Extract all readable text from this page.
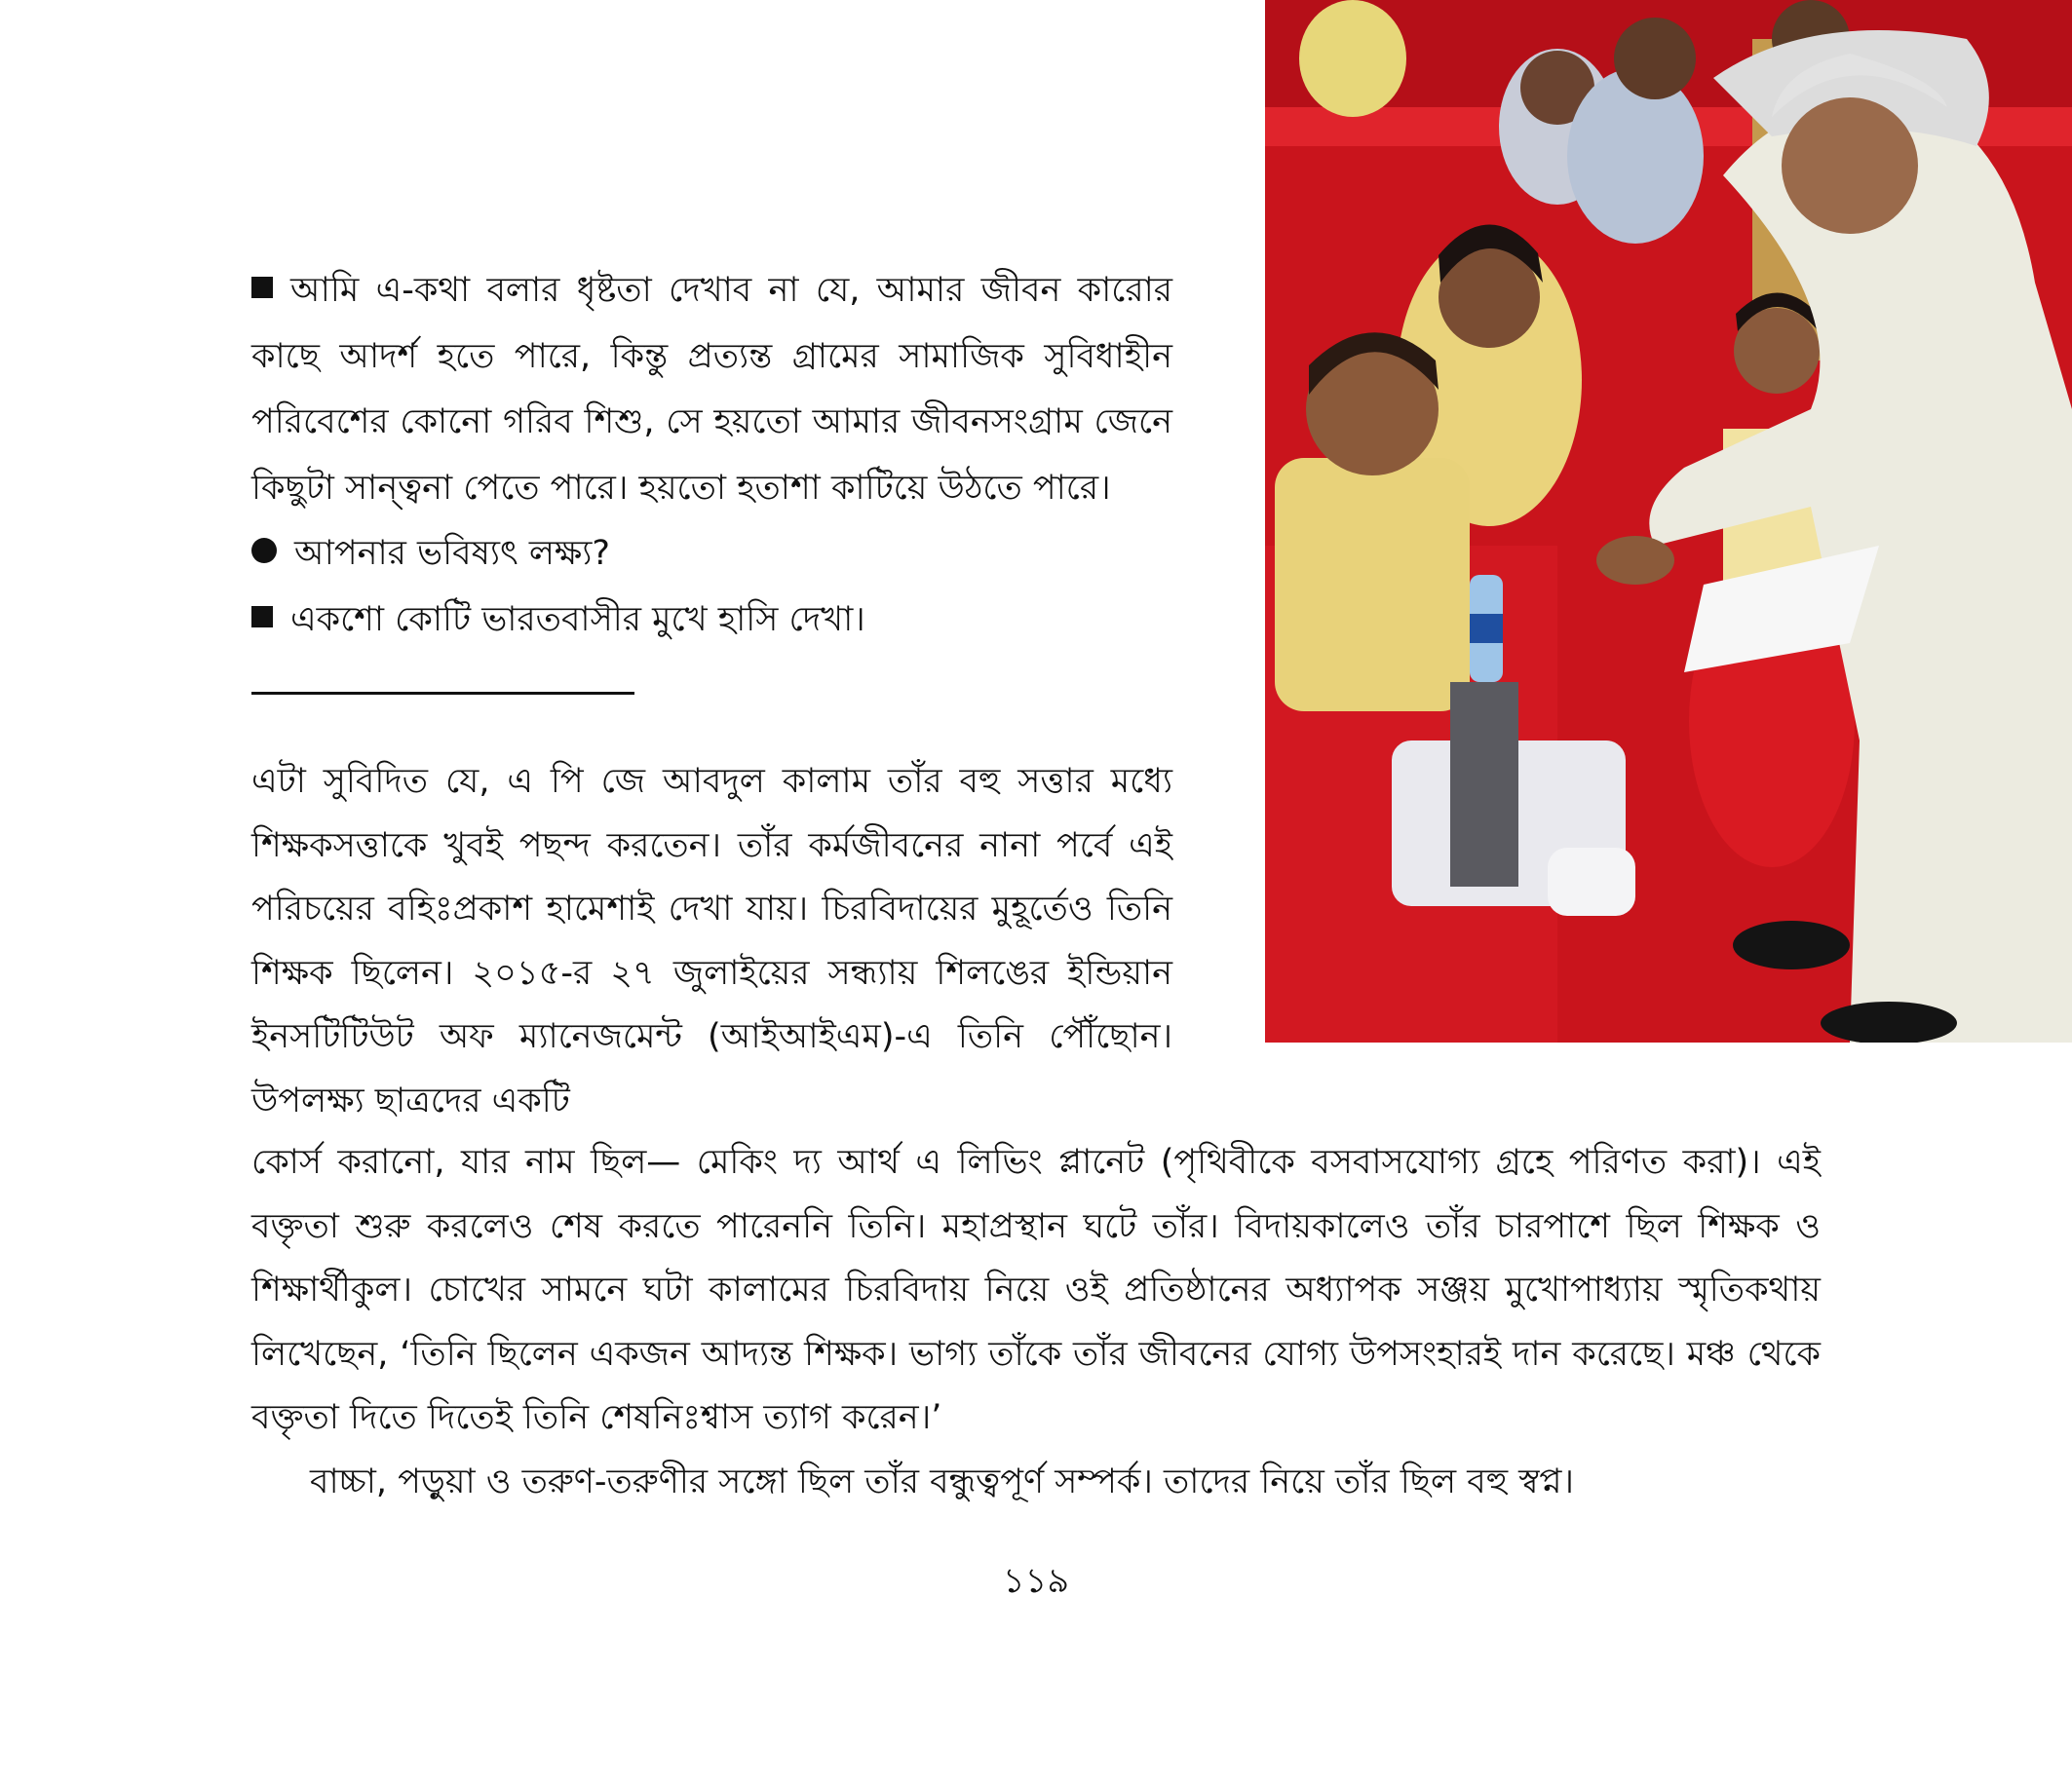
আমি এ-কথা বলার ধৃষ্টতা দেখাব না যে, আমার জীবন কারোর কাছে আদর্শ হতে পারে, কিন্তু প্রত্যন্ত গ্রামের সামাজিক সুবিধাহীন পরিবেশের কোনো গরিব শিশু, সে হয়তো আমার জীবনসংগ্রাম জেনে কিছুটা সান্ত্বনা পেতে পারে। হয়তো হতাশা কাটিয়ে উঠতে পারে।

আপনার ভবিষ্যৎ লক্ষ্য?

একশো কোটি ভারতবাসীর মুখে হাসি দেখা।

এটা সুবিদিত যে, এ পি জে আবদুল কালাম তাঁর বহু সত্তার মধ্যে শিক্ষকসত্তাকে খুবই পছন্দ করতেন। তাঁর কর্মজীবনের নানা পর্বে এই পরিচয়ের বহিঃপ্রকাশ হামেশাই দেখা যায়। চিরবিদায়ের মুহূর্তেও তিনি শিক্ষক ছিলেন। ২০১৫-র ২৭ জুলাইয়ের সন্ধ্যায় শিলঙের ইন্ডিয়ান ইনসটিটিউট অফ ম্যানেজমেন্ট (আইআইএম)-এ তিনি পৌঁছোন। উপলক্ষ্য ছাত্রদের একটি

কোর্স করানো, যার নাম ছিল— মেকিং দ্য আর্থ এ লিভিং প্লানেট (পৃথিবীকে বসবাসযোগ্য গ্রহে পরিণত করা)। এই বক্তৃতা শুরু করলেও শেষ করতে পারেননি তিনি। মহাপ্রস্থান ঘটে তাঁর। বিদায়কালেও তাঁর চারপাশে ছিল শিক্ষক ও শিক্ষার্থীকুল। চোখের সামনে ঘটা কালামের চিরবিদায় নিয়ে ওই প্রতিষ্ঠানের অধ্যাপক সঞ্জয় মুখোপাধ্যায় স্মৃতিকথায় লিখেছেন, ‘তিনি ছিলেন একজন আদ্যন্ত শিক্ষক। ভাগ্য তাঁকে তাঁর জীবনের যোগ্য উপসংহারই দান করেছে। মঞ্চ থেকে বক্তৃতা দিতে দিতেই তিনি শেষনিঃশ্বাস ত্যাগ করেন।’

বাচ্চা, পড়ুয়া ও তরুণ-তরুণীর সঙ্গো ছিল তাঁর বন্ধুত্বপূর্ণ সম্পর্ক। তাদের নিয়ে তাঁর ছিল বহু স্বপ্ন।

১১৯
